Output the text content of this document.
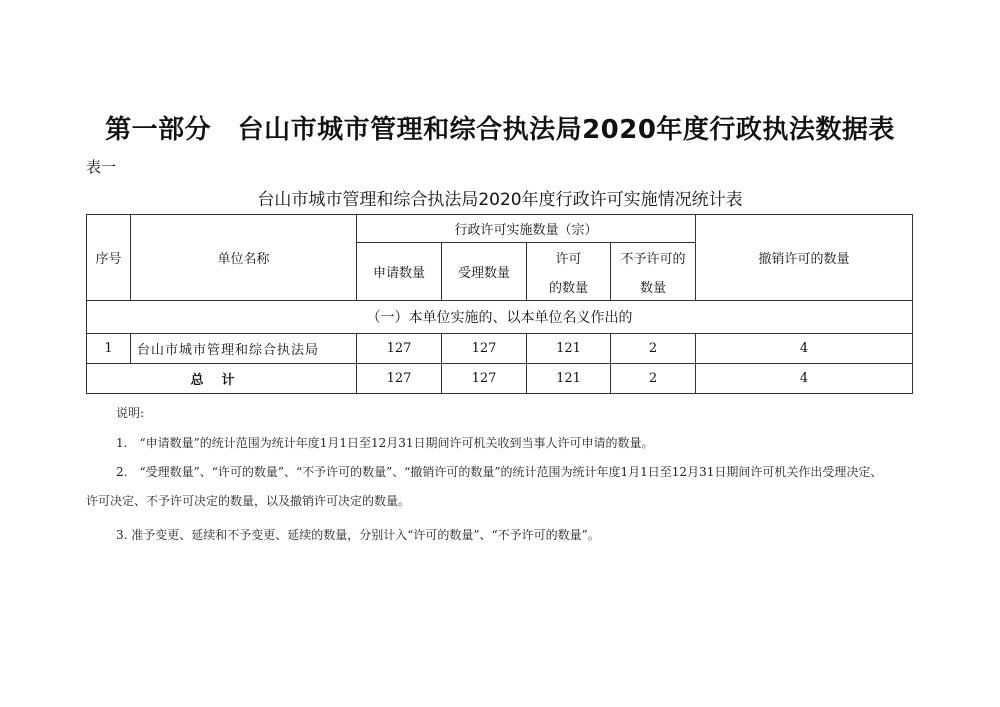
第一部分　台山市城市管理和综合执法局2020年度行政执法数据表
表一
台山市城市管理和综合执法局2020年度行政许可实施情况统计表
序号	单位名称	行政许可实施数量（宗）				撤销许可的数量
		申请数量	受理数量	许可	不予许可的	
				的数量	数量	
（一）本单位实施的、以本单位名义作出的						
1	台山市城市管理和综合执法局	127	127	121	2	4
总计		127	127	121	2	4
说明:
1.　“申请数量”的统计范围为统计年度1月1日至12月31日期间许可机关收到当事人许可申请的数量。
2.　“受理数量”、“许可的数量”、“不予许可的数量”、“撤销许可的数量”的统计范围为统计年度1月1日至12月31日期间许可机关作出受理决定、许可决定、不予许可决定的数量，以及撤销许可决定的数量。
3. 准予变更、延续和不予变更、延续的数量，分别计入“许可的数量”、“不予许可的数量”。
